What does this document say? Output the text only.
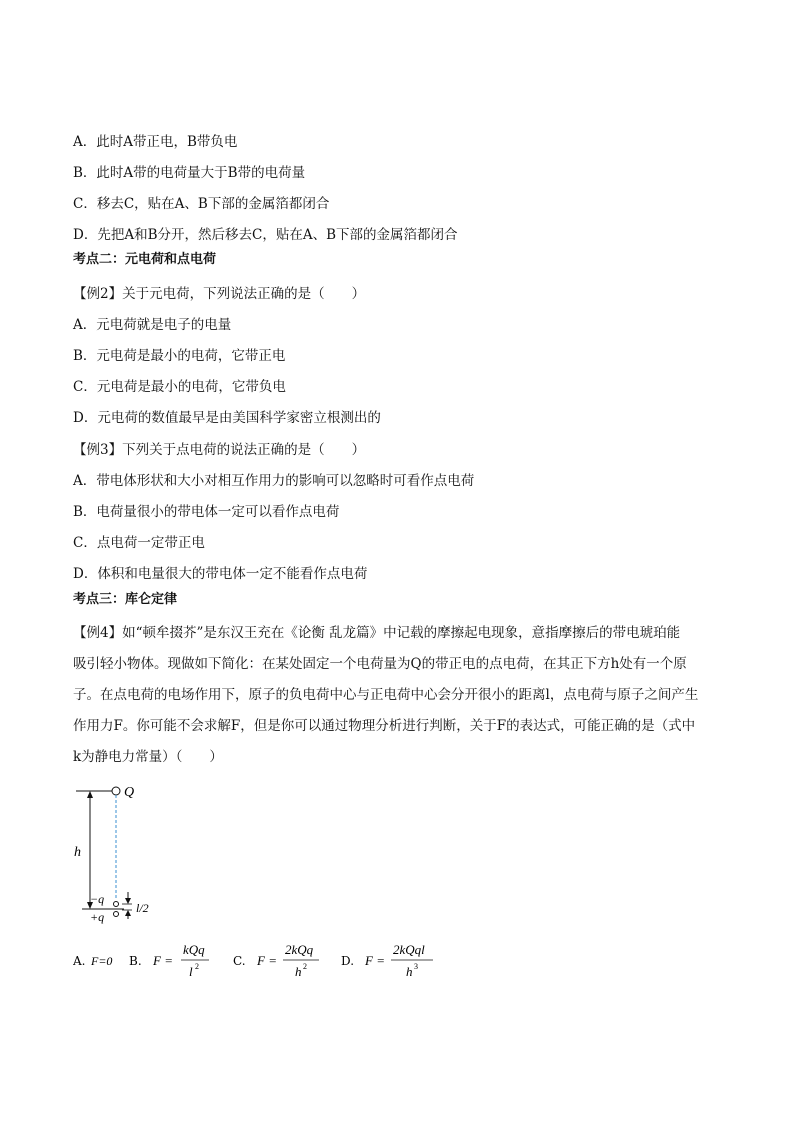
A．此时A带正电，B带负电
B．此时A带的电荷量大于B带的电荷量
C．移去C，贴在A、B下部的金属箔都闭合
D．先把A和B分开，然后移去C，贴在A、B下部的金属箔都闭合
考点二：元电荷和点电荷
【例2】关于元电荷，下列说法正确的是（　　）
A．元电荷就是电子的电量
B．元电荷是最小的电荷，它带正电
C．元电荷是最小的电荷，它带负电
D．元电荷的数值最早是由美国科学家密立根测出的
【例3】下列关于点电荷的说法正确的是（　　）
A．带电体形状和大小对相互作用力的影响可以忽略时可看作点电荷
B．电荷量很小的带电体一定可以看作点电荷
C．点电荷一定带正电
D．体积和电量很大的带电体一定不能看作点电荷
考点三：库仑定律
【例4】如“顿牟掇芥”是东汉王充在《论衡 乱龙篇》中记载的摩擦起电现象，意指摩擦后的带电琥珀能
吸引轻小物体。现做如下简化：在某处固定一个电荷量为Q的带正电的点电荷，在其正下方h处有一个原
子。在点电荷的电场作用下，原子的负电荷中心与正电荷中心会分开很小的距离l，点电荷与原子之间产生
作用力F。你可能不会求解F，但是你可以通过物理分析进行判断，关于F的表达式，可能正确的是（式中
k为静电力常量）（　　）
Q
h
−q
+q
l/2
A. F=0 B. F =
kQq
l 2	C. F =
2kQq
h 2	D. F =
2kQql
h 3
